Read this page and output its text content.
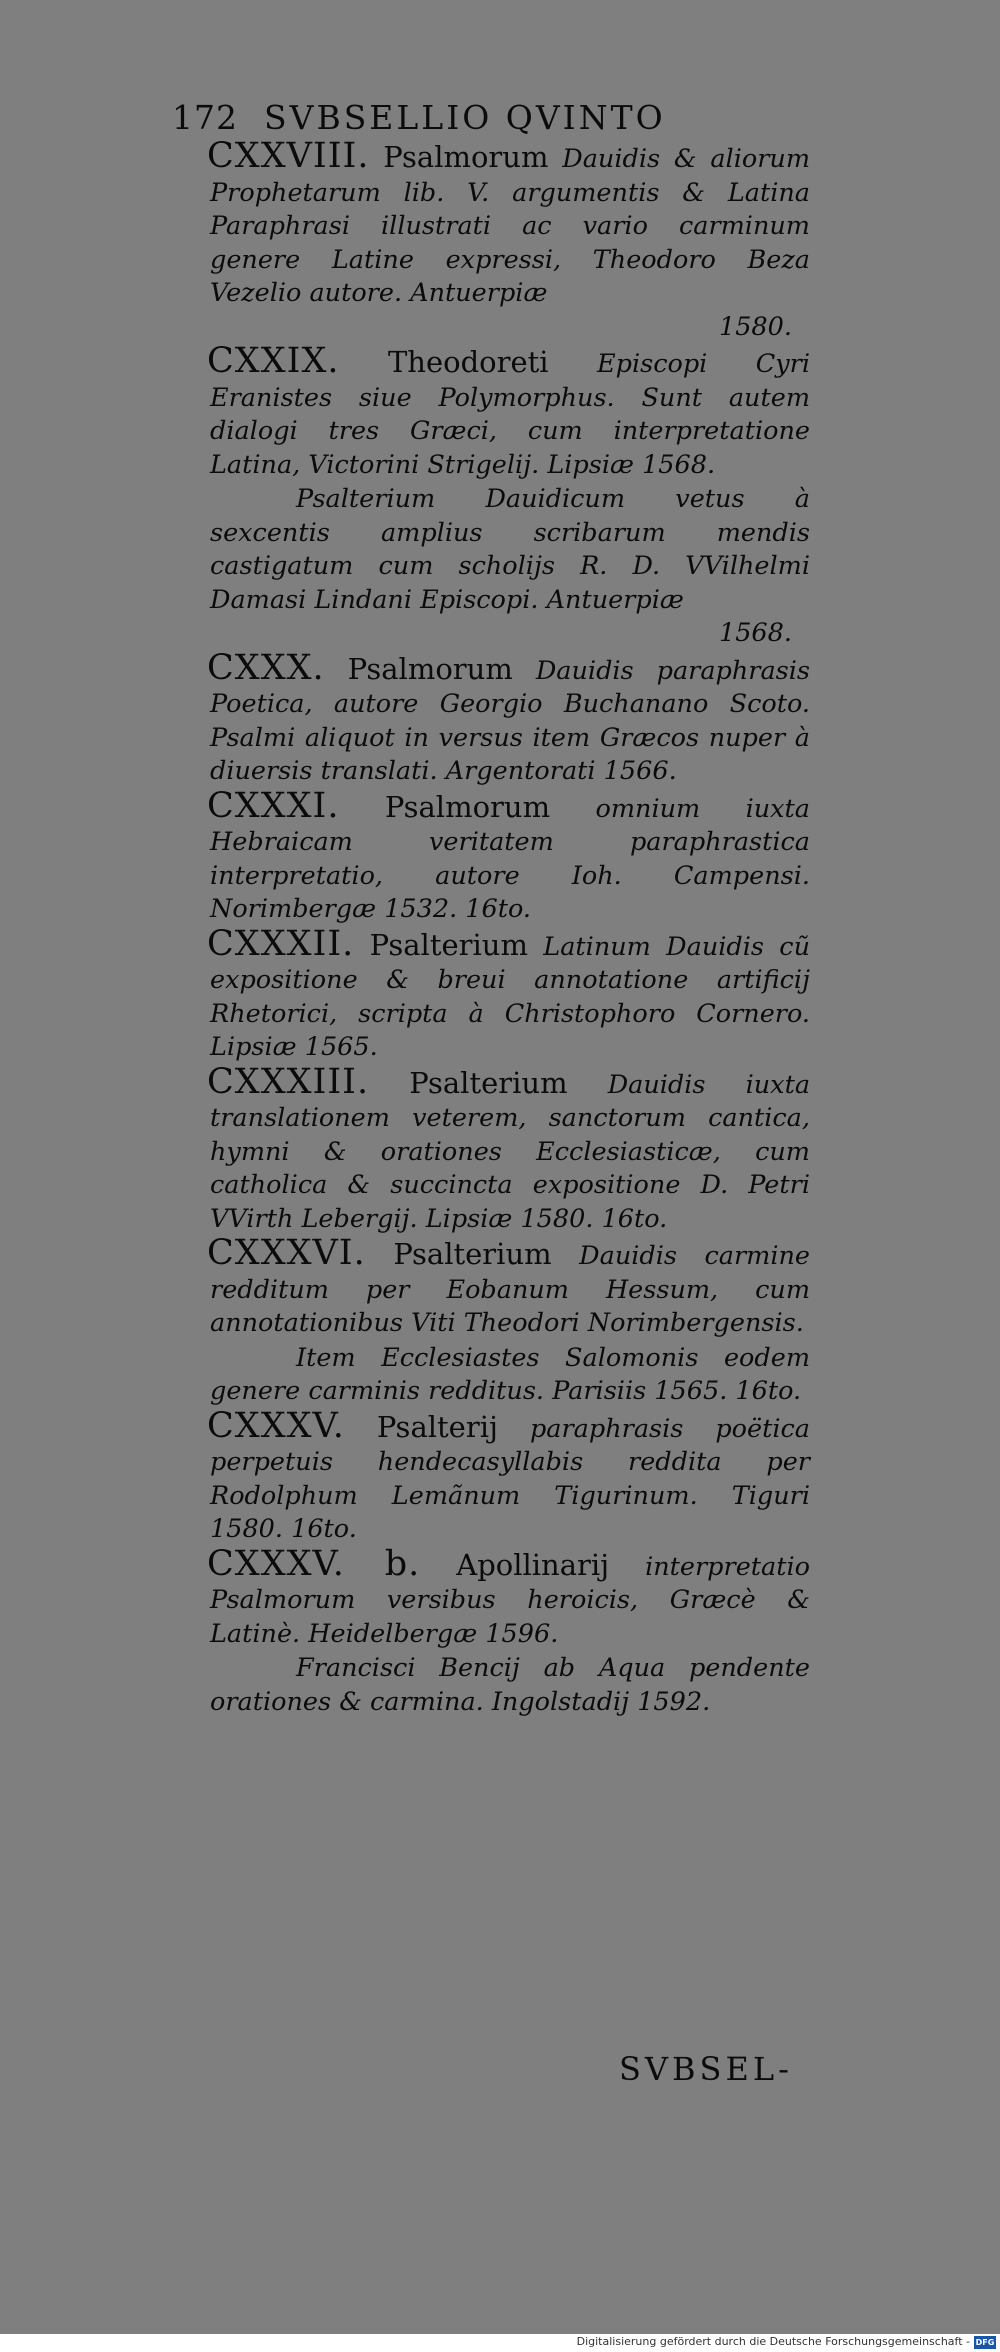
172 SVBSELLIO QVINTO

CXXVIII. Psalmorum Dauidis & aliorum Prophetarum lib. V. argumentis & Latina Paraphrasi illustrati ac vario carminum genere Latine expressi, Theodoro Beza Vezelio autore. Antuerpiæ
1580.

CXXIX. Theodoreti Episcopi Cyri Eranistes siue Polymorphus. Sunt autem dialogi tres Græci, cum interpretatione Latina, Victorini Strigelij. Lipsiæ 1568.

Psalterium Dauidicum vetus à sexcentis amplius scribarum mendis castigatum cum scholijs R. D. VVilhelmi Damasi Lindani Episcopi. Antuerpiæ
1568.

CXXX. Psalmorum Dauidis paraphrasis Poetica, autore Georgio Buchanano Scoto. Psalmi aliquot in versus item Græcos nuper à diuersis translati. Argentorati 1566.

CXXXI. Psalmorum omnium iuxta Hebraicam veritatem paraphrastica interpretatio, autore Ioh. Campensi. Norimbergæ 1532. 16to.

CXXXII. Psalterium Latinum Dauidis cũ expositione & breui annotatione artificij Rhetorici, scripta à Christophoro Cornero. Lipsiæ 1565.

CXXXIII. Psalterium Dauidis iuxta translationem veterem, sanctorum cantica, hymni & orationes Ecclesiasticæ, cum catholica & succincta expositione D. Petri VVirth Lebergij. Lipsiæ 1580. 16to.

CXXXVI. Psalterium Dauidis carmine redditum per Eobanum Hessum, cum annotationibus Viti Theodori Norimbergensis.

Item Ecclesiastes Salomonis eodem genere carminis redditus. Parisiis 1565. 16to.

CXXXV. Psalterij paraphrasis poëtica perpetuis hendecasyllabis reddita per Rodolphum Lemãnum Tigurinum. Tiguri 1580. 16to.

CXXXV. b. Apollinarij interpretatio Psalmorum versibus heroicis, Græcè & Latinè. Heidelbergæ 1596.

Francisci Bencij ab Aqua pendente orationes & carmina. Ingolstadij 1592.

SVBSEL-
Digitalisierung gefördert durch die Deutsche Forschungsgemeinschaft - DFG
